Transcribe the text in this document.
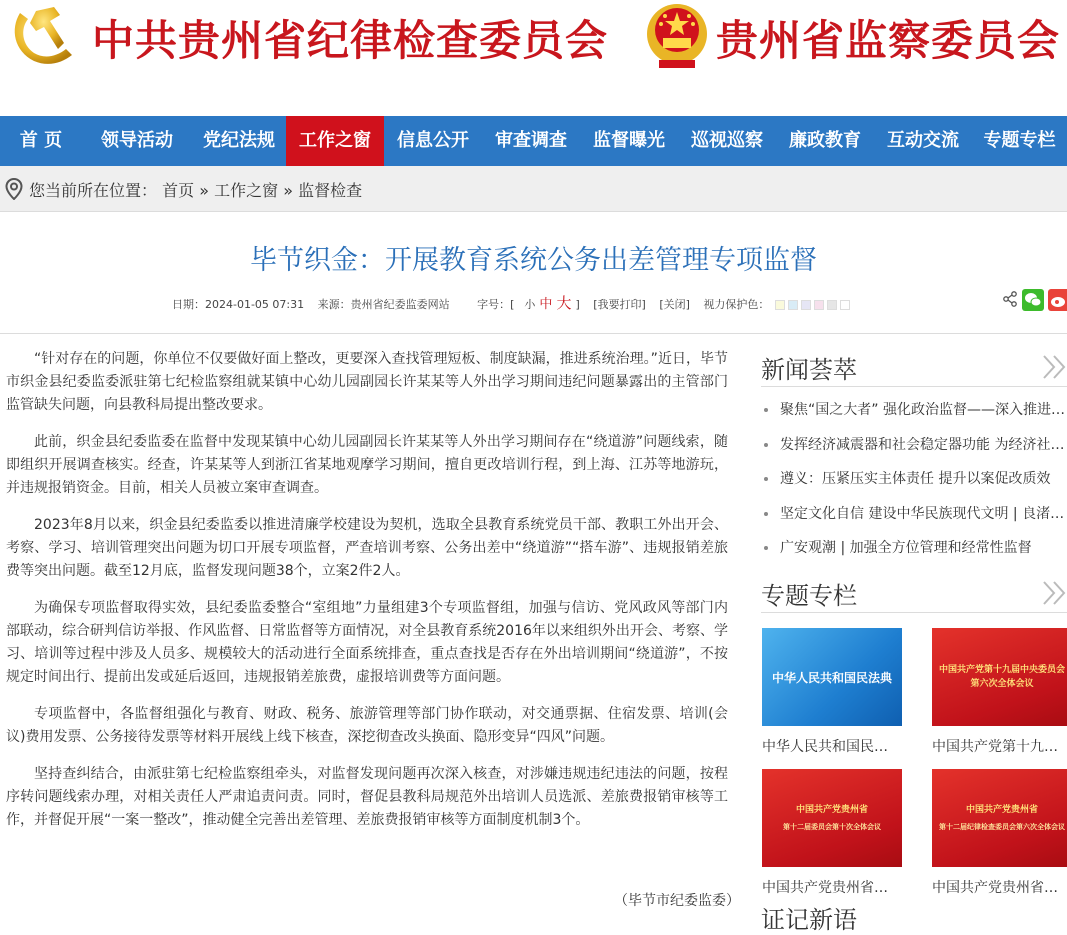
中共贵州省纪律检查委员会	贵州省监察委员会
首 页	领导活动	党纪法规	工作之窗	信息公开	审查调查	监督曝光	巡视巡察	廉政教育	互动交流	专题专栏
您当前所在位置： 首页 » 工作之窗 » 监督检查
毕节织金：开展教育系统公务出差管理专项监督
日期：2024-01-05 07:31 来源：贵州省纪委监委网站	字号：[ 小 中 大 ] [我要打印] [关闭] 视力保护色：

“针对存在的问题，你单位不仅要做好面上整改，更要深入查找管理短板、制度缺漏，推进系统治理。”近日，毕节市织金县纪委监委派驻第七纪检监察组就某镇中心幼儿园副园长许某某等人外出学习期间违纪问题暴露出的主管部门监管缺失问题，向县教科局提出整改要求。

此前，织金县纪委监委在监督中发现某镇中心幼儿园副园长许某某等人外出学习期间存在“绕道游”问题线索，随即组织开展调查核实。经查，许某某等人到浙江省某地观摩学习期间，擅自更改培训行程，到上海、江苏等地游玩，并违规报销资金。目前，相关人员被立案审查调查。

2023年8月以来，织金县纪委监委以推进清廉学校建设为契机，选取全县教育系统党员干部、教职工外出开会、考察、学习、培训管理突出问题为切口开展专项监督，严查培训考察、公务出差中“绕道游”“搭车游”、违规报销差旅费等突出问题。截至12月底，监督发现问题38个，立案2件2人。

为确保专项监督取得实效，县纪委监委整合“室组地”力量组建3个专项监督组，加强与信访、党风政风等部门内部联动，综合研判信访举报、作风监督、日常监督等方面情况，对全县教育系统2016年以来组织外出开会、考察、学习、培训等过程中涉及人员多、规模较大的活动进行全面系统排查，重点查找是否存在外出培训期间“绕道游”，不按规定时间出行、提前出发或延后返回，违规报销差旅费，虚报培训费等方面问题。

专项监督中，各监督组强化与教育、财政、税务、旅游管理等部门协作联动，对交通票据、住宿发票、培训(会议)费用发票、公务接待发票等材料开展线上线下核查，深挖彻查改头换面、隐形变异“四风”问题。

坚持查纠结合，由派驻第七纪检监察组牵头，对监督发现问题再次深入核查，对涉嫌违规违纪违法的问题，按程序转问题线索办理，对相关责任人严肃追责问责。同时，督促县教科局规范外出培训人员选派、差旅费报销审核等工作，并督促开展“一案一整改”，推动健全完善出差管理、差旅费报销审核等方面制度机制3个。

（毕节市纪委监委）
新闻荟萃
聚焦“国之大者” 强化政治监督——深入推进…
发挥经济减震器和社会稳定器功能 为经济社…
遵义：压紧压实主体责任 提升以案促改质效
坚定文化自信 建设中华民族现代文明 | 良渚…
广安观潮 | 加强全方位管理和经常性监督
专题专栏
中华人民共和国民法典
中华人民共和国民…
中国共产党第十九届中央委员会第六次全体会议
中国共产党第十九…
中国共产党贵州省
第十二届委员会第十次全体会议
中国共产党贵州省…
中国共产党贵州省
第十二届纪律检查委员会第六次全体会议
中国共产党贵州省…
证记新语
